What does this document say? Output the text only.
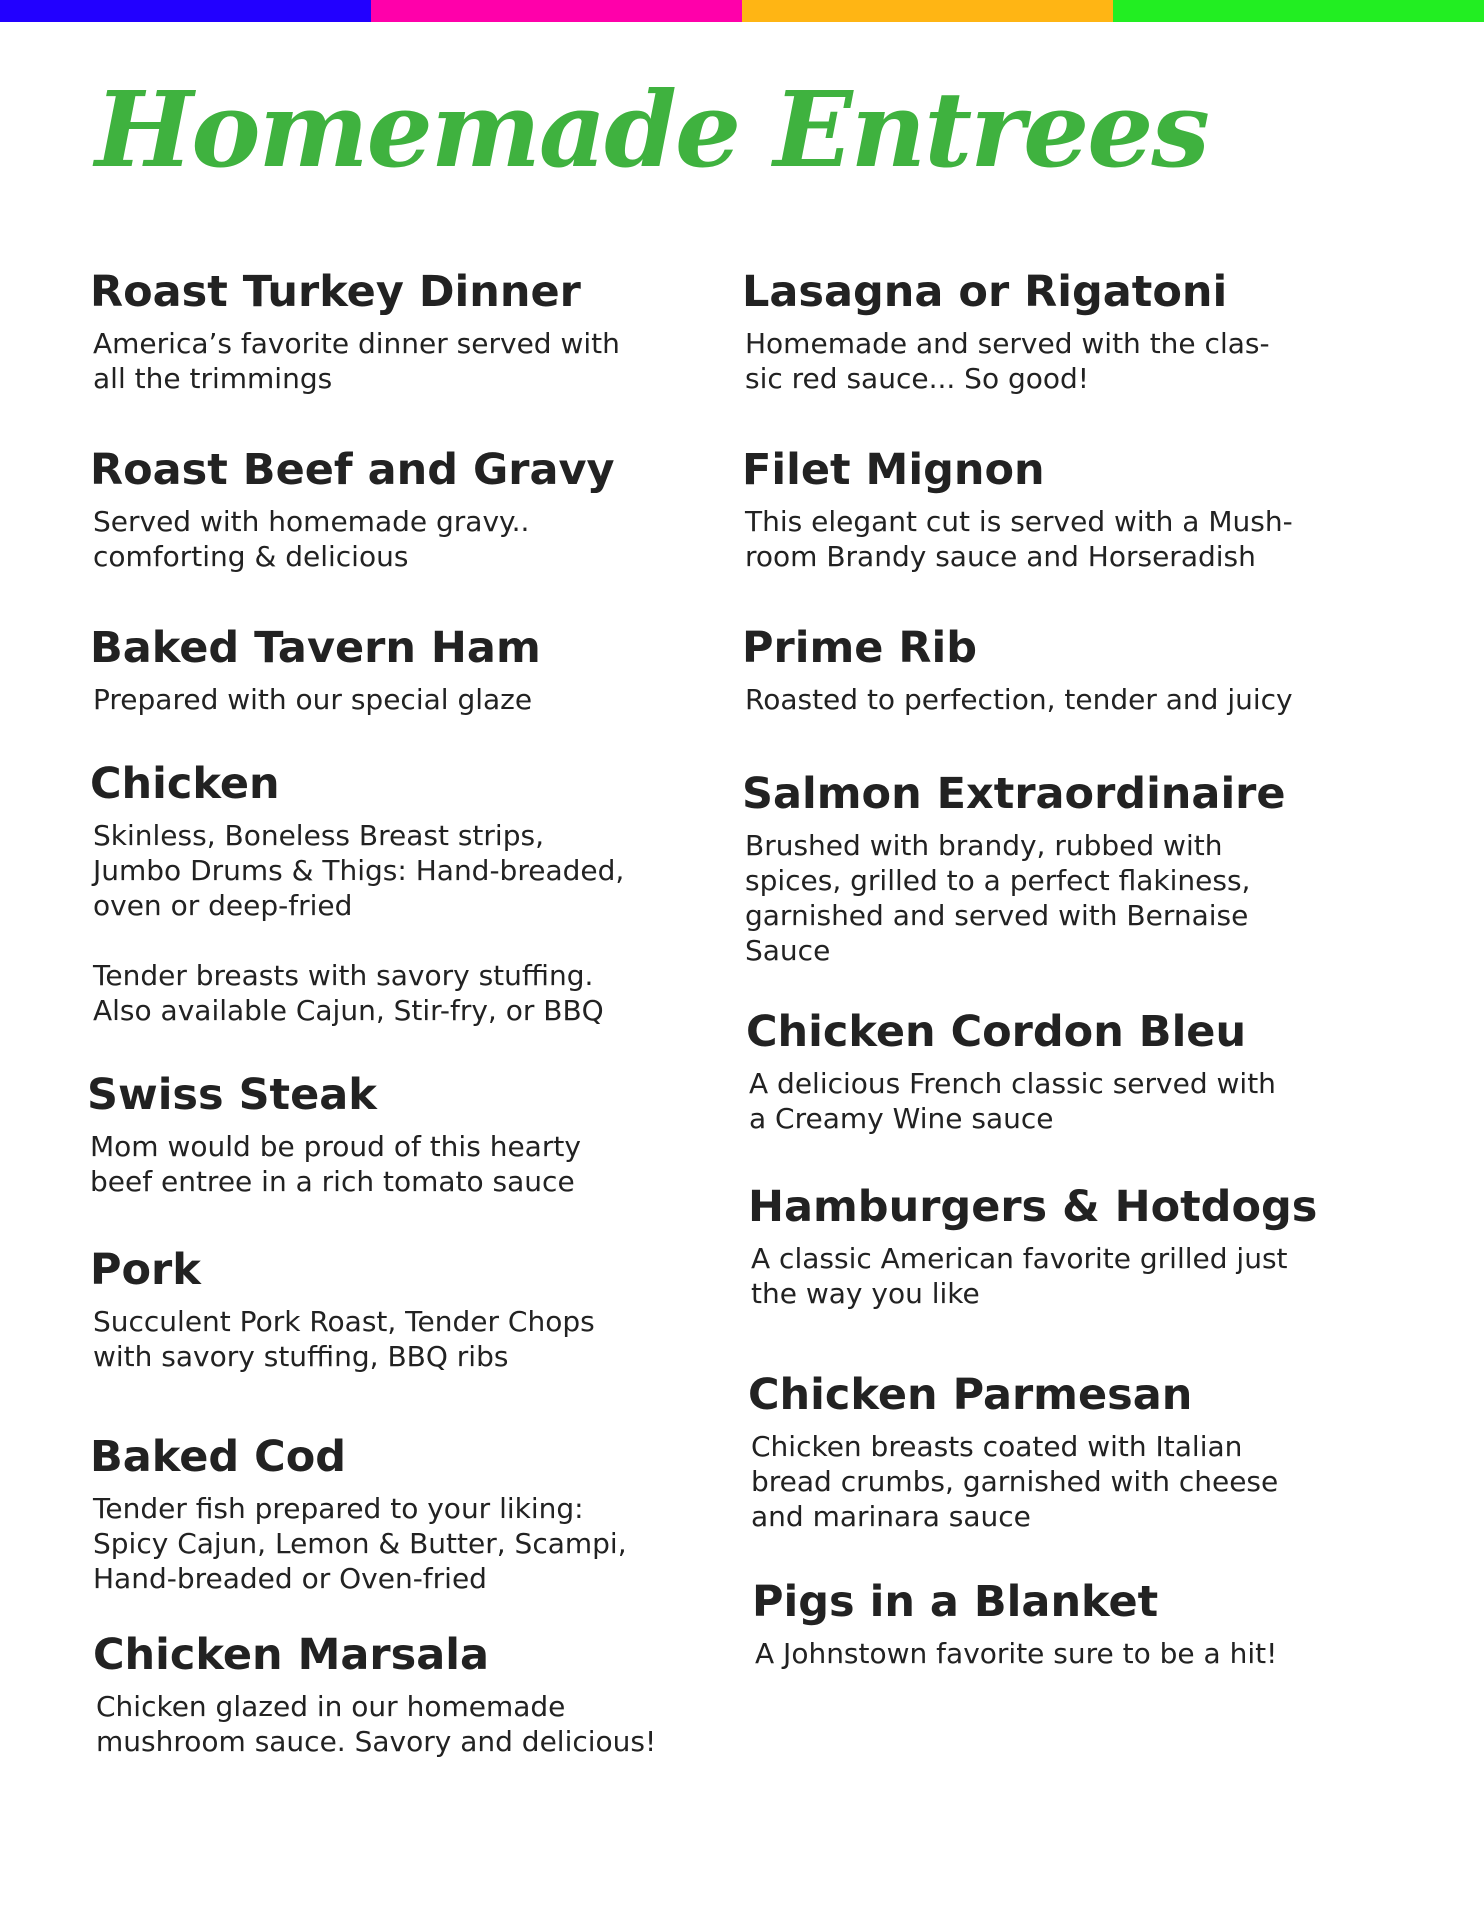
Homemade Entrees
Roast Turkey Dinner

America’s favorite dinner served with
all the trimmings

Roast Beef and Gravy

Served with homemade gravy..
comforting & delicious

Baked Tavern Ham

Prepared with our special glaze

Chicken

Skinless, Boneless Breast strips,
Jumbo Drums & Thigs: Hand-breaded,
oven or deep-fried

Tender breasts with savory stuffing.
Also available Cajun, Stir-fry, or BBQ

Swiss Steak

Mom would be proud of this hearty
beef entree in a rich tomato sauce

Pork

Succulent Pork Roast, Tender Chops
with savory stuffing, BBQ ribs

Baked Cod

Tender fish prepared to your liking:
Spicy Cajun, Lemon & Butter, Scampi,
Hand-breaded or Oven-fried

Chicken Marsala

Chicken glazed in our homemade
mushroom sauce. Savory and delicious!

Lasagna or Rigatoni

Homemade and served with the clas-
sic red sauce... So good!

Filet Mignon

This elegant cut is served with a Mush-
room Brandy sauce and Horseradish

Prime Rib

Roasted to perfection, tender and juicy

Salmon Extraordinaire

Brushed with brandy, rubbed with
spices, grilled to a perfect flakiness,
garnished and served with Bernaise
Sauce

Chicken Cordon Bleu

A delicious French classic served with
a Creamy Wine sauce

Hamburgers & Hotdogs

A classic American favorite grilled just
the way you like

Chicken Parmesan

Chicken breasts coated with Italian
bread crumbs, garnished with cheese
and marinara sauce

Pigs in a Blanket

A Johnstown favorite sure to be a hit!
